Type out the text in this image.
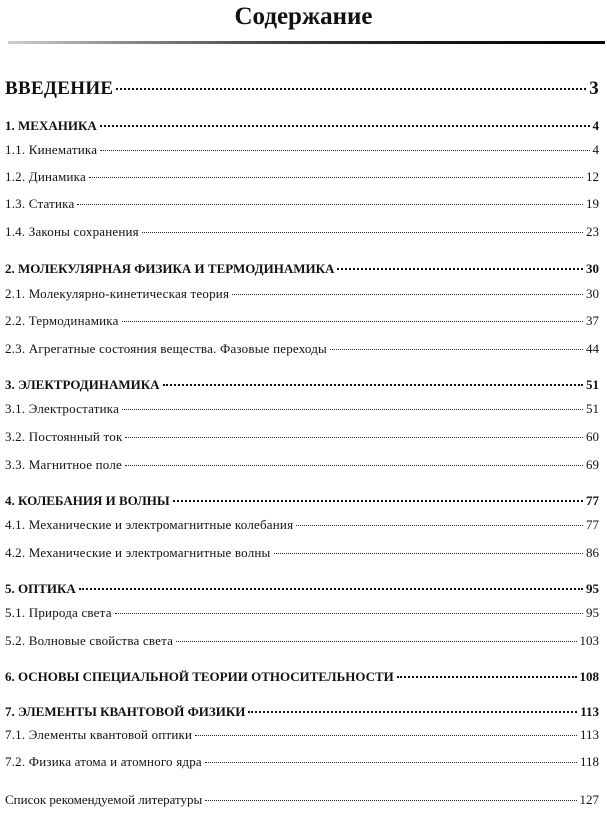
Содержание
ВВЕДЕНИЕ	3
1. МЕХАНИКА	4
1.1. Кинематика	4
1.2. Динамика	12
1.3. Статика	19
1.4. Законы сохранения	23
2. МОЛЕКУЛЯРНАЯ ФИЗИКА И ТЕРМОДИНАМИКА	30
2.1. Молекулярно-кинетическая теория	30
2.2. Термодинамика	37
2.3. Агрегатные состояния вещества. Фазовые переходы	44
3. ЭЛЕКТРОДИНАМИКА	51
3.1. Электростатика	51
3.2. Постоянный ток	60
3.3. Магнитное поле	69
4. КОЛЕБАНИЯ И ВОЛНЫ	77
4.1. Механические и электромагнитные колебания	77
4.2. Механические и электромагнитные волны	86
5. ОПТИКА	95
5.1. Природа света	95
5.2. Волновые свойства света	103
6. ОСНОВЫ СПЕЦИАЛЬНОЙ ТЕОРИИ ОТНОСИТЕЛЬНОСТИ	108
7. ЭЛЕМЕНТЫ КВАНТОВОЙ ФИЗИКИ	113
7.1. Элементы квантовой оптики	113
7.2. Физика атома и атомного ядра	118
Список рекомендуемой литературы	127
